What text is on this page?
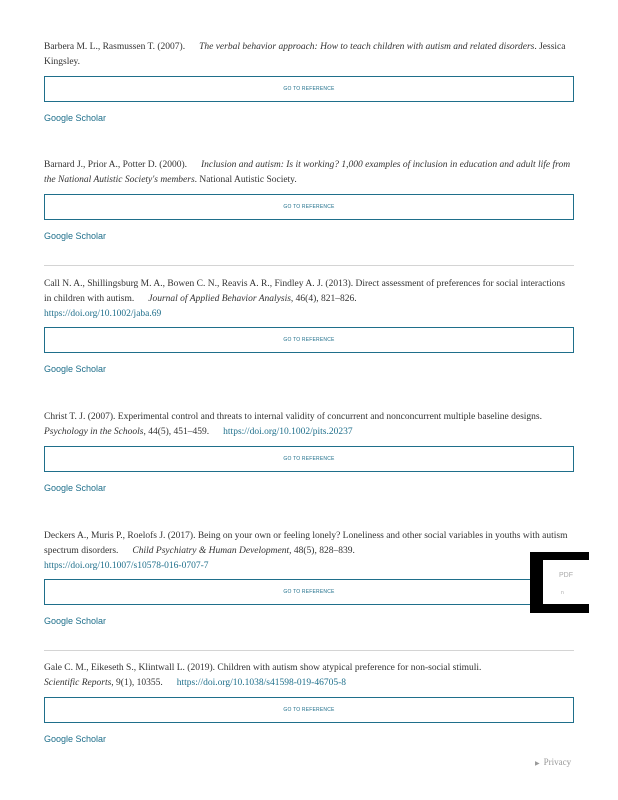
Barbera M. L., Rasmussen T. (2007). The verbal behavior approach: How to teach children with autism and related disorders. Jessica Kingsley.

GO TO REFERENCE
Google Scholar

Barnard J., Prior A., Potter D. (2000). Inclusion and autism: Is it working? 1,000 examples of inclusion in education and adult life from the National Autistic Society's members. National Autistic Society.

GO TO REFERENCE
Google Scholar

Call N. A., Shillingsburg M. A., Bowen C. N., Reavis A. R., Findley A. J. (2013). Direct assessment of preferences for social interactions in children with autism. Journal of Applied Behavior Analysis, 46(4), 821–826.
https://doi.org/10.1002/jaba.69

GO TO REFERENCE
Google Scholar

Christ T. J. (2007). Experimental control and threats to internal validity of concurrent and nonconcurrent multiple baseline designs.Psychology in the Schools, 44(5), 451–459. https://doi.org/10.1002/pits.20237

GO TO REFERENCE
Google Scholar

Deckers A., Muris P., Roelofs J. (2017). Being on your own or feeling lonely? Loneliness and other social variables in youths with autism spectrum disorders. Child Psychiatry & Human Development, 48(5), 828–839.
https://doi.org/10.1007/s10578-016-0707-7

GO TO REFERENCE
Google Scholar

Gale C. M., Eikeseth S., Klintwall L. (2019). Children with autism show atypical preference for non-social stimuli.
Scientific Reports, 9(1), 10355. https://doi.org/10.1038/s41598-019-46705-8

GO TO REFERENCE
Google Scholar
PDF
n
▶ Privacy
